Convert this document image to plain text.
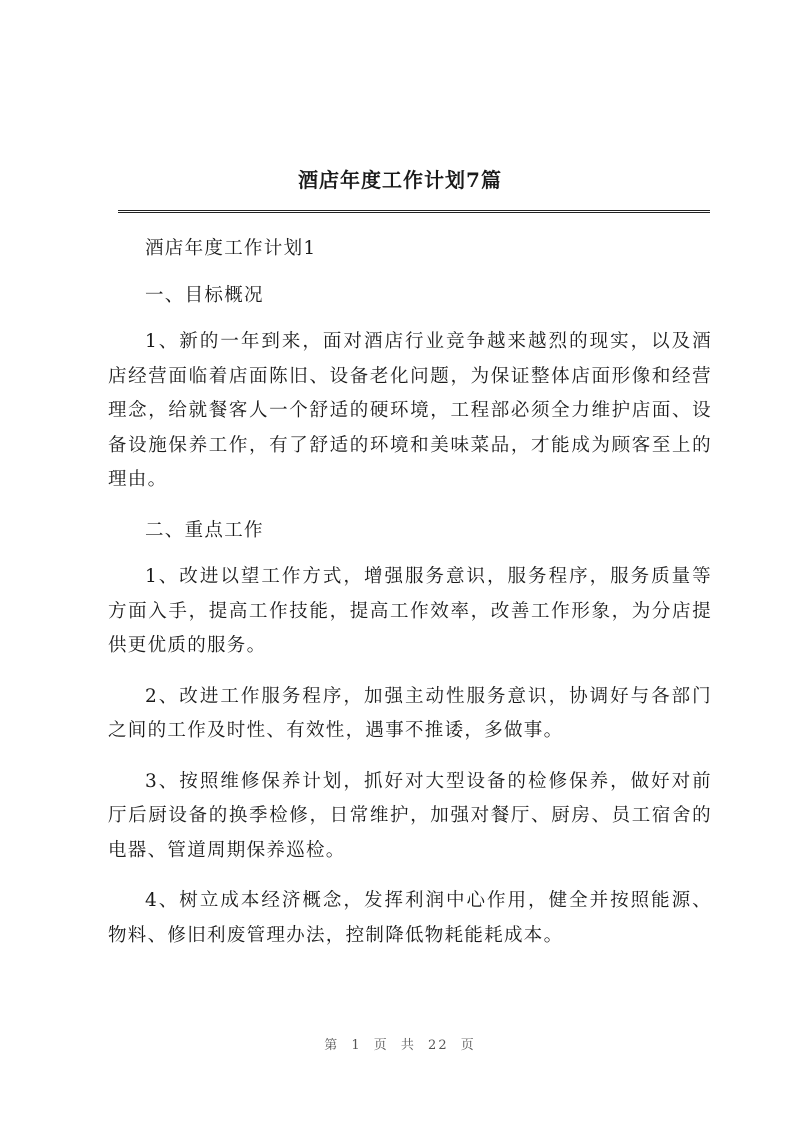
酒店年度工作计划7篇

酒店年度工作计划1

一、目标概况

1、新的一年到来，面对酒店行业竞争越来越烈的现实，以及酒店经营面临着店面陈旧、设备老化问题，为保证整体店面形像和经营理念，给就餐客人一个舒适的硬环境，工程部必须全力维护店面、设备设施保养工作，有了舒适的环境和美味菜品，才能成为顾客至上的理由。

二、重点工作

1、改进以望工作方式，增强服务意识，服务程序，服务质量等方面入手，提高工作技能，提高工作效率，改善工作形象，为分店提供更优质的服务。

2、改进工作服务程序，加强主动性服务意识，协调好与各部门之间的工作及时性、有效性，遇事不推诿，多做事。

3、按照维修保养计划，抓好对大型设备的检修保养，做好对前厅后厨设备的换季检修，日常维护，加强对餐厅、厨房、员工宿舍的电器、管道周期保养巡检。

4、树立成本经济概念，发挥利润中心作用，健全并按照能源、物料、修旧利废管理办法，控制降低物耗能耗成本。

第 1 页 共 22 页
